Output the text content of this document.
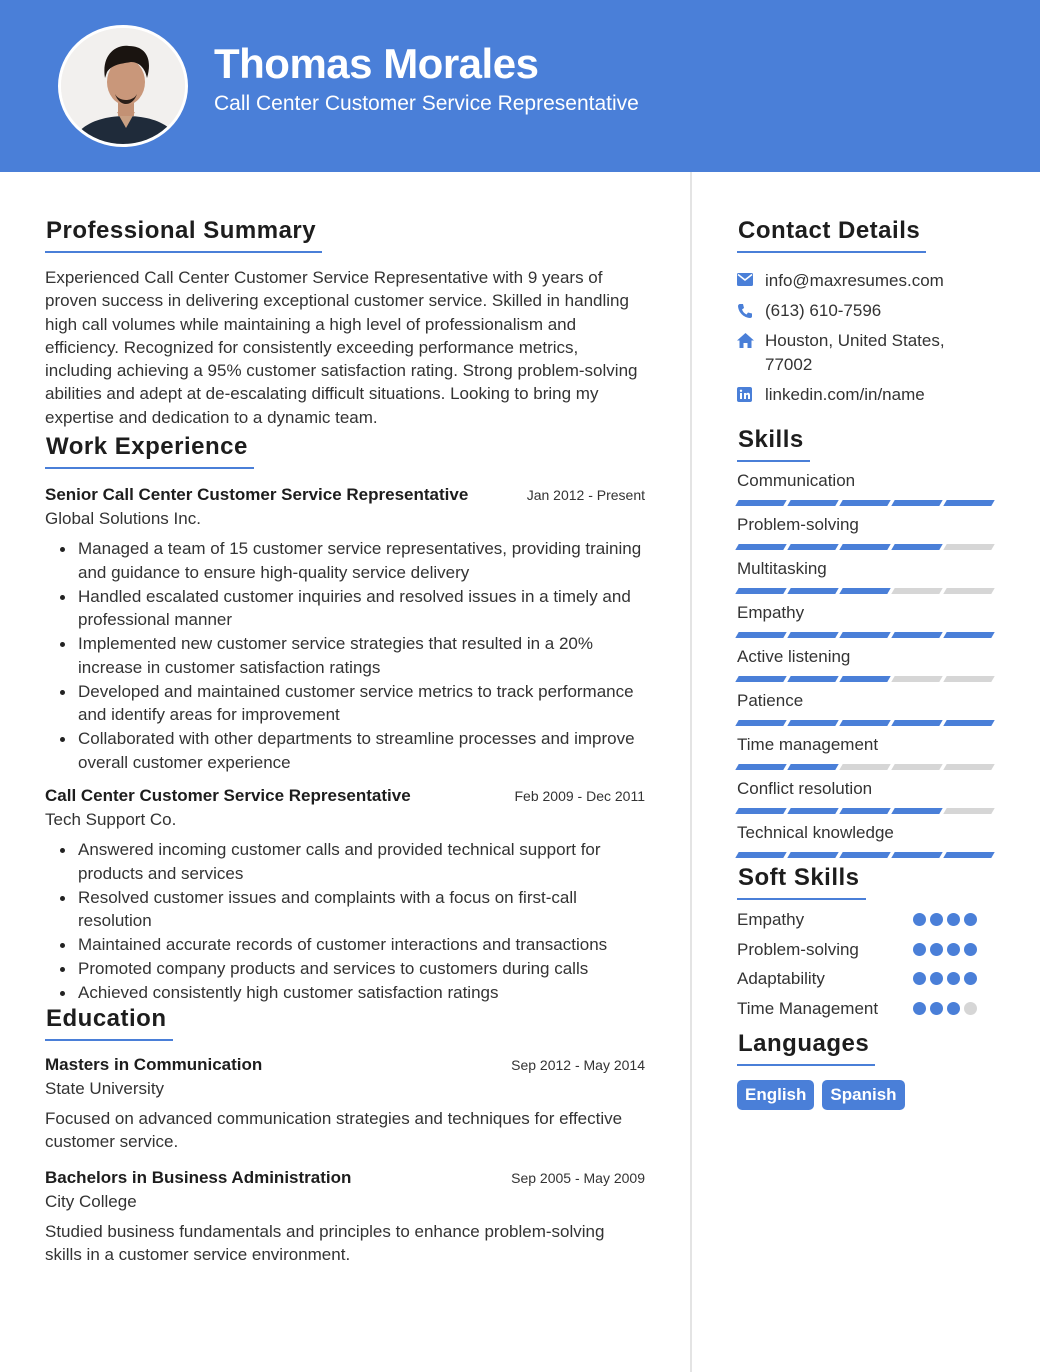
Thomas Morales
Call Center Customer Service Representative
Professional Summary

Experienced Call Center Customer Service Representative with 9 years of proven success in delivering exceptional customer service. Skilled in handling high call volumes while maintaining a high level of professionalism and efficiency. Recognized for consistently exceeding performance metrics, including achieving a 95% customer satisfaction rating. Strong problem-solving abilities and adept at de-escalating difficult situations. Looking to bring my expertise and dedication to a dynamic team.

Work Experience
Senior Call Center Customer Service Representative	Jan 2012 - Present
Global Solutions Inc.
Managed a team of 15 customer service representatives, providing training and guidance to ensure high-quality service delivery
Handled escalated customer inquiries and resolved issues in a timely and professional manner
Implemented new customer service strategies that resulted in a 20% increase in customer satisfaction ratings
Developed and maintained customer service metrics to track performance and identify areas for improvement
Collaborated with other departments to streamline processes and improve overall customer experience
Call Center Customer Service Representative	Feb 2009 - Dec 2011
Tech Support Co.
Answered incoming customer calls and provided technical support for products and services
Resolved customer issues and complaints with a focus on first-call resolution
Maintained accurate records of customer interactions and transactions
Promoted company products and services to customers during calls
Achieved consistently high customer satisfaction ratings
Education
Masters in Communication	Sep 2012 - May 2014
State University

Focused on advanced communication strategies and techniques for effective customer service.

Bachelors in Business Administration	Sep 2005 - May 2009
City College

Studied business fundamentals and principles to enhance problem-solving skills in a customer service environment.

Contact Details
info@maxresumes.com
(613) 610-7596
Houston, United States, 77002
linkedin.com/in/name
Skills
Communication
Problem-solving
Multitasking
Empathy
Active listening
Patience
Time management
Conflict resolution
Technical knowledge
Soft Skills
Empathy
Problem-solving
Adaptability
Time Management
Languages
English	Spanish
